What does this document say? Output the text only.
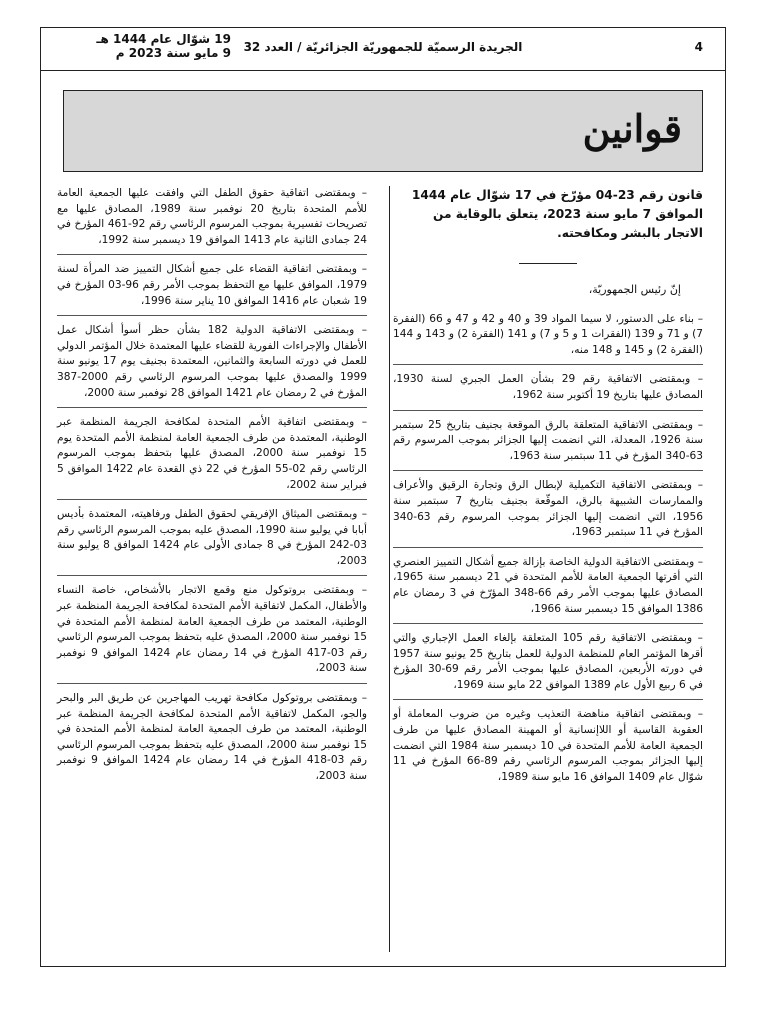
4
الجريدة الرسميّة للجمهوريّة الجزائريّة / العدد 32
19 شوّال عام 1444 هـ
9 مايو سنة 2023 م
قوانين

قانون رقم 23-04 مؤرّخ في 17 شوّال عام 1444 الموافق 7 مايو سنة 2023، يتعلق بالوقاية من الاتجار بالبشر ومكافحته.

إنّ رئيس الجمهوريّة،

– بناء على الدستور، لا سيما المواد 39 و 40 و 42 و 47 و 66 (الفقرة 7) و 71 و 139 (الفقرات 1 و 5 و 7) و 141 (الفقرة 2) و 143 و 144 (الفقرة 2) و 145 و 148 منه،

– وبمقتضى الاتفاقية رقم 29 بشأن العمل الجبري لسنة 1930، المصادق عليها بتاريخ 19 أكتوبر سنة 1962،

– وبمقتضى الاتفاقية المتعلقة بالرق الموقعة بجنيف بتاريخ 25 سبتمبر سنة 1926، المعدلة، التي انضمت إليها الجزائر بموجب المرسوم رقم 63-340 المؤرخ في 11 سبتمبر سنة 1963،

– وبمقتضى الاتفاقية التكميلية لإبطال الرق وتجارة الرقيق والأعراف والممارسات الشبيهة بالرق، الموقّعة بجنيف بتاريخ 7 سبتمبر سنة 1956، التي انضمت إليها الجزائر بموجب المرسوم رقم 63-340 المؤرخ في 11 سبتمبر 1963،

– وبمقتضى الاتفاقية الدولية الخاصة بإزالة جميع أشكال التمييز العنصري التي أقرتها الجمعية العامة للأمم المتحدة في 21 ديسمبر سنة 1965، المصادق عليها بموجب الأمر رقم 66-348 المؤرّخ في 3 رمضان عام 1386 الموافق 15 ديسمبر سنة 1966،

– وبمقتضى الاتفاقية رقم 105 المتعلقة بإلغاء العمل الإجباري والتي أقرها المؤتمر العام للمنظمة الدولية للعمل بتاريخ 25 يونيو سنة 1957 في دورته الأربعين، المصادق عليها بموجب الأمر رقم 69-30 المؤرخ في 6 ربيع الأول عام 1389 الموافق 22 مايو سنة 1969،

– وبمقتضى اتفاقية مناهضة التعذيب وغيره من ضروب المعاملة أو العقوبة القاسية أو اللاإنسانية أو المهينة المصادق عليها من طرف الجمعية العامة للأمم المتحدة في 10 ديسمبر سنة 1984 التي انضمت إليها الجزائر بموجب المرسوم الرئاسي رقم 89-66 المؤرخ في 11 شوّال عام 1409 الموافق 16 مايو سنة 1989،

– وبمقتضى اتفاقية حقوق الطفل التي وافقت عليها الجمعية العامة للأمم المتحدة بتاريخ 20 نوفمبر سنة 1989، المصادق عليها مع تصريحات تفسيرية بموجب المرسوم الرئاسي رقم 92-461 المؤرخ في 24 جمادى الثانية عام 1413 الموافق 19 ديسمبر سنة 1992،

– وبمقتضى اتفاقية القضاء على جميع أشكال التمييز ضد المرأة لسنة 1979، الموافق عليها مع التحفظ بموجب الأمر رقم 96-03 المؤرخ في 19 شعبان عام 1416 الموافق 10 يناير سنة 1996،

– وبمقتضى الاتفاقية الدولية 182 بشأن حظر أسوأ أشكال عمل الأطفال والإجراءات الفورية للقضاء عليها المعتمدة خلال المؤتمر الدولي للعمل في دورته السابعة والثمانين، المعتمدة بجنيف يوم 17 يونيو سنة 1999 والمصدق عليها بموجب المرسوم الرئاسي رقم 2000-387 المؤرخ في 2 رمضان عام 1421 الموافق 28 نوفمبر سنة 2000،

– وبمقتضى اتفاقية الأمم المتحدة لمكافحة الجريمة المنظمة عبر الوطنية، المعتمدة من طرف الجمعية العامة لمنظمة الأمم المتحدة يوم 15 نوفمبر سنة 2000، المصدق عليها بتحفظ بموجب المرسوم الرئاسي رقم 02-55 المؤرخ في 22 ذي القعدة عام 1422 الموافق 5 فبراير سنة 2002،

– وبمقتضى الميثاق الإفريقي لحقوق الطفل ورفاهيته، المعتمدة بأديس أبابا في يوليو سنة 1990، المصدق عليه بموجب المرسوم الرئاسي رقم 03-242 المؤرخ في 8 جمادى الأولى عام 1424 الموافق 8 يوليو سنة 2003،

– وبمقتضى بروتوكول منع وقمع الاتجار بالأشخاص، خاصة النساء والأطفال، المكمل لاتفاقية الأمم المتحدة لمكافحة الجريمة المنظمة عبر الوطنية، المعتمد من طرف الجمعية العامة لمنظمة الأمم المتحدة في 15 نوفمبر سنة 2000، المصدق عليه بتحفظ بموجب المرسوم الرئاسي رقم 03-417 المؤرخ في 14 رمضان عام 1424 الموافق 9 نوفمبر سنة 2003،

– وبمقتضى بروتوكول مكافحة تهريب المهاجرين عن طريق البر والبحر والجو، المكمل لاتفاقية الأمم المتحدة لمكافحة الجريمة المنظمة عبر الوطنية، المعتمد من طرف الجمعية العامة لمنظمة الأمم المتحدة في 15 نوفمبر سنة 2000، المصدق عليه بتحفظ بموجب المرسوم الرئاسي رقم 03-418 المؤرخ في 14 رمضان عام 1424 الموافق 9 نوفمبر سنة 2003،
